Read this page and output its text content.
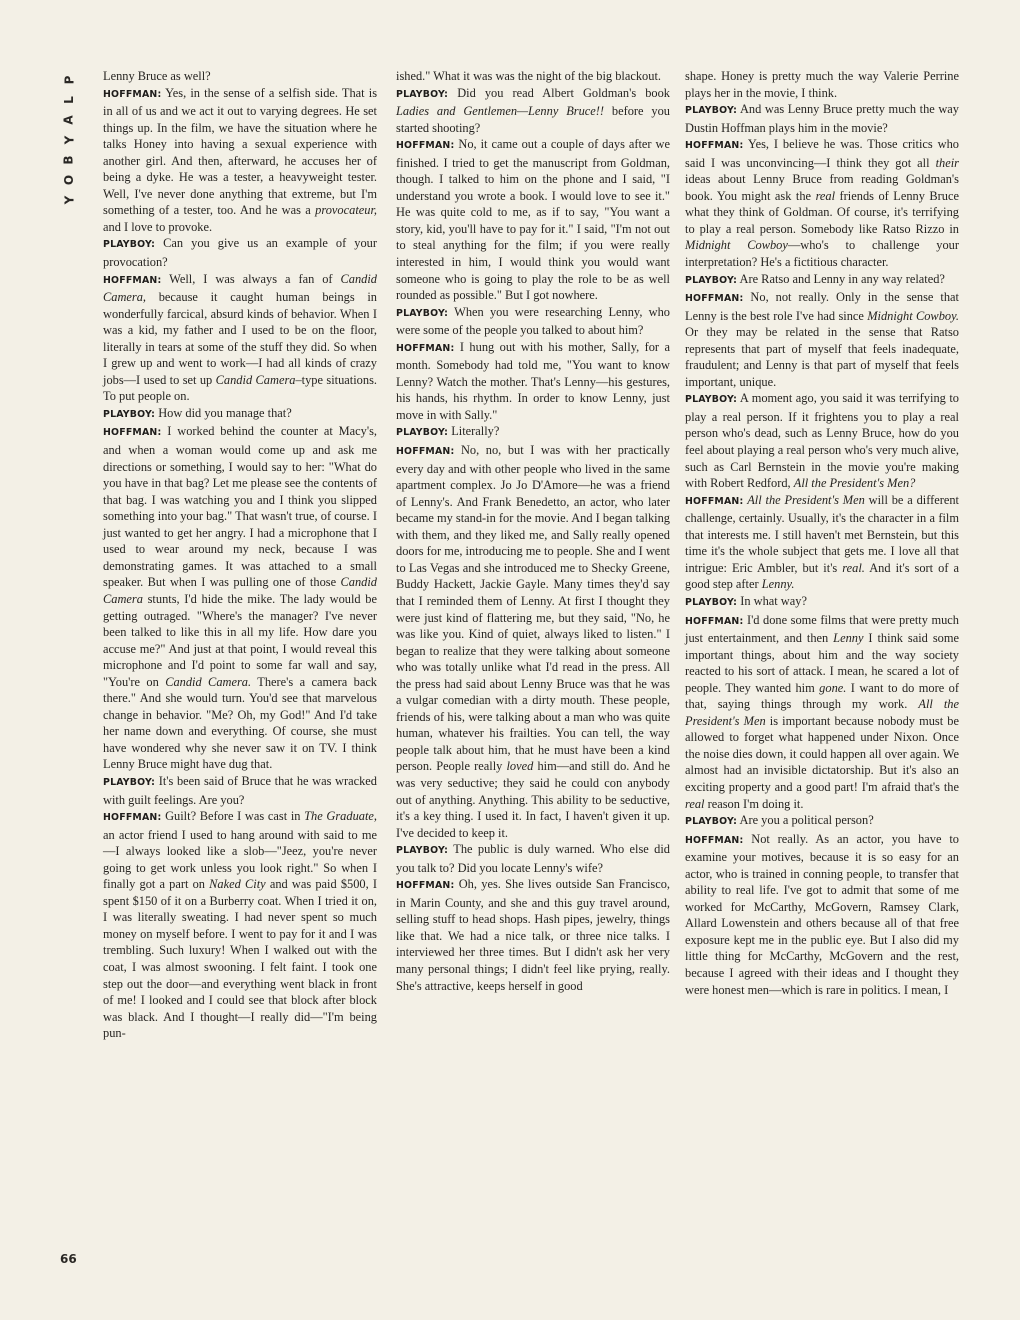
P
L
A
Y
B
O
Y

Lenny Bruce as well?

HOFFMAN: Yes, in the sense of a selfish side. That is in all of us and we act it out to varying degrees. He set things up. In the film, we have the situation where he talks Honey into having a sexual experience with another girl. And then, afterward, he accuses her of being a dyke. He was a tester, a heavyweight tester. Well, I've never done anything that extreme, but I'm something of a tester, too. And he was a provocateur, and I love to provoke.

PLAYBOY: Can you give us an example of your provocation?

HOFFMAN: Well, I was always a fan of Candid Camera, because it caught human beings in wonderfully farcical, absurd kinds of behavior. When I was a kid, my father and I used to be on the floor, literally in tears at some of the stuff they did. So when I grew up and went to work—I had all kinds of crazy jobs—I used to set up Candid Camera–type situations. To put people on.

PLAYBOY: How did you manage that?

HOFFMAN: I worked behind the counter at Macy's, and when a woman would come up and ask me directions or something, I would say to her: "What do you have in that bag? Let me please see the contents of that bag. I was watching you and I think you slipped something into your bag." That wasn't true, of course. I just wanted to get her angry. I had a microphone that I used to wear around my neck, because I was demonstrating games. It was attached to a small speaker. But when I was pulling one of those Candid Camera stunts, I'd hide the mike. The lady would be getting outraged. "Where's the manager? I've never been talked to like this in all my life. How dare you accuse me?" And just at that point, I would reveal this microphone and I'd point to some far wall and say, "You're on Candid Camera. There's a camera back there." And she would turn. You'd see that marvelous change in behavior. "Me? Oh, my God!" And I'd take her name down and everything. Of course, she must have wondered why she never saw it on TV. I think Lenny Bruce might have dug that.

PLAYBOY: It's been said of Bruce that he was wracked with guilt feelings. Are you?

HOFFMAN: Guilt? Before I was cast in The Graduate, an actor friend I used to hang around with said to me—I always looked like a slob—"Jeez, you're never going to get work unless you look right." So when I finally got a part on Naked City and was paid $500, I spent $150 of it on a Burberry coat. When I tried it on, I was literally sweating. I had never spent so much money on myself before. I went to pay for it and I was trembling. Such luxury! When I walked out with the coat, I was almost swooning. I felt faint. I took one step out the door—and everything went black in front of me! I looked and I could see that block after block was black. And I thought—I really did—"I'm being pun-

ished." What it was was the night of the big blackout.

PLAYBOY: Did you read Albert Goldman's book Ladies and Gentlemen—Lenny Bruce!! before you started shooting?

HOFFMAN: No, it came out a couple of days after we finished. I tried to get the manuscript from Goldman, though. I talked to him on the phone and I said, "I understand you wrote a book. I would love to see it." He was quite cold to me, as if to say, "You want a story, kid, you'll have to pay for it." I said, "I'm not out to steal anything for the film; if you were really interested in him, I would think you would want someone who is going to play the role to be as well rounded as possible." But I got nowhere.

PLAYBOY: When you were researching Lenny, who were some of the people you talked to about him?

HOFFMAN: I hung out with his mother, Sally, for a month. Somebody had told me, "You want to know Lenny? Watch the mother. That's Lenny—his gestures, his hands, his rhythm. In order to know Lenny, just move in with Sally."

PLAYBOY: Literally?

HOFFMAN: No, no, but I was with her practically every day and with other people who lived in the same apartment complex. Jo Jo D'Amore—he was a friend of Lenny's. And Frank Benedetto, an actor, who later became my stand-in for the movie. And I began talking with them, and they liked me, and Sally really opened doors for me, introducing me to people. She and I went to Las Vegas and she introduced me to Shecky Greene, Buddy Hackett, Jackie Gayle. Many times they'd say that I reminded them of Lenny. At first I thought they were just kind of flattering me, but they said, "No, he was like you. Kind of quiet, always liked to listen." I began to realize that they were talking about someone who was totally unlike what I'd read in the press. All the press had said about Lenny Bruce was that he was a vulgar comedian with a dirty mouth. These people, friends of his, were talking about a man who was quite human, whatever his frailties. You can tell, the way people talk about him, that he must have been a kind person. People really loved him—and still do. And he was very seductive; they said he could con anybody out of anything. Anything. This ability to be seductive, it's a key thing. I used it. In fact, I haven't given it up. I've decided to keep it.

PLAYBOY: The public is duly warned. Who else did you talk to? Did you locate Lenny's wife?

HOFFMAN: Oh, yes. She lives outside San Francisco, in Marin County, and she and this guy travel around, selling stuff to head shops. Hash pipes, jewelry, things like that. We had a nice talk, or three nice talks. I interviewed her three times. But I didn't ask her very many personal things; I didn't feel like prying, really. She's attractive, keeps herself in good

shape. Honey is pretty much the way Valerie Perrine plays her in the movie, I think.

PLAYBOY: And was Lenny Bruce pretty much the way Dustin Hoffman plays him in the movie?

HOFFMAN: Yes, I believe he was. Those critics who said I was unconvincing—I think they got all their ideas about Lenny Bruce from reading Goldman's book. You might ask the real friends of Lenny Bruce what they think of Goldman. Of course, it's terrifying to play a real person. Somebody like Ratso Rizzo in Midnight Cowboy—who's to challenge your interpretation? He's a fictitious character.

PLAYBOY: Are Ratso and Lenny in any way related?

HOFFMAN: No, not really. Only in the sense that Lenny is the best role I've had since Midnight Cowboy. Or they may be related in the sense that Ratso represents that part of myself that feels inadequate, fraudulent; and Lenny is that part of myself that feels important, unique.

PLAYBOY: A moment ago, you said it was terrifying to play a real person. If it frightens you to play a real person who's dead, such as Lenny Bruce, how do you feel about playing a real person who's very much alive, such as Carl Bernstein in the movie you're making with Robert Redford, All the President's Men?

HOFFMAN: All the President's Men will be a different challenge, certainly. Usually, it's the character in a film that interests me. I still haven't met Bernstein, but this time it's the whole subject that gets me. I love all that intrigue: Eric Ambler, but it's real. And it's sort of a good step after Lenny.

PLAYBOY: In what way?

HOFFMAN: I'd done some films that were pretty much just entertainment, and then Lenny I think said some important things, about him and the way society reacted to his sort of attack. I mean, he scared a lot of people. They wanted him gone. I want to do more of that, saying things through my work. All the President's Men is important because nobody must be allowed to forget what happened under Nixon. Once the noise dies down, it could happen all over again. We almost had an invisible dictatorship. But it's also an exciting property and a good part! I'm afraid that's the real reason I'm doing it.

PLAYBOY: Are you a political person?

HOFFMAN: Not really. As an actor, you have to examine your motives, because it is so easy for an actor, who is trained in conning people, to transfer that ability to real life. I've got to admit that some of me worked for McCarthy, McGovern, Ramsey Clark, Allard Lowenstein and others because all of that free exposure kept me in the public eye. But I also did my little thing for McCarthy, McGovern and the rest, because I agreed with their ideas and I thought they were honest men—which is rare in politics. I mean, I

66
